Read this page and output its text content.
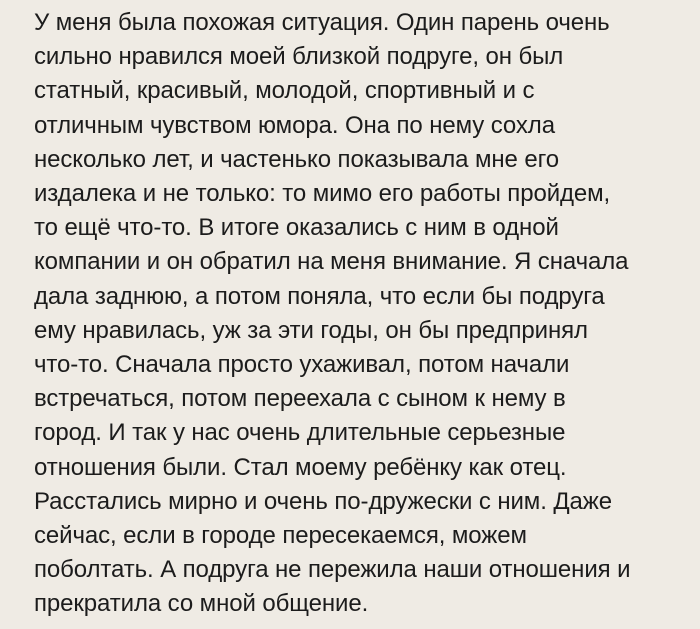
У меня была похожая ситуация. Один парень очень
сильно нравился моей близкой подруге, он был
статный, красивый, молодой, спортивный и с
отличным чувством юмора. Она по нему сохла
несколько лет, и частенько показывала мне его
издалека и не только: то мимо его работы пройдем,
то ещё что-то. В итоге оказались с ним в одной
компании и он обратил на меня внимание. Я сначала
дала заднюю, а потом поняла, что если бы подруга
ему нравилась, уж за эти годы, он бы предпринял
что-то. Сначала просто ухаживал, потом начали
встречаться, потом переехала с сыном к нему в
город. И так у нас очень длительные серьезные
отношения были. Стал моему ребёнку как отец.
Расстались мирно и очень по-дружески с ним. Даже
сейчас, если в городе пересекаемся, можем
поболтать. А подруга не пережила наши отношения и
прекратила со мной общение.
